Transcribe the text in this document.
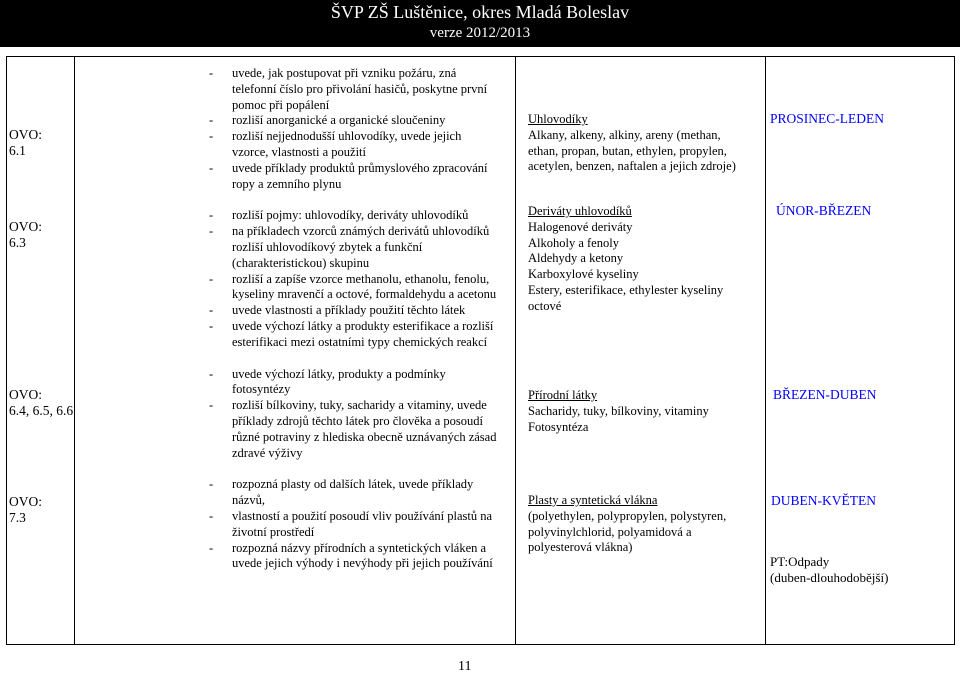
ŠVP ZŠ Luštěnice, okres Mladá Boleslav
verze 2012/2013
OVO:
6.1
OVO:
6.3
OVO:
6.4, 6.5, 6.6
OVO:
7.3
- uvede, jak postupovat při vzniku požáru, zná telefonní číslo pro přivolání hasičů, poskytne první pomoc při popálení
- rozliší anorganické a organické sloučeniny
- rozliší nejjednodušší uhlovodíky, uvede jejich vzorce, vlastnosti a použití
- uvede příklady produktů průmyslového zpracování ropy a zemního plynu
- rozliší pojmy: uhlovodíky, deriváty uhlovodíků
- na příkladech vzorců známých derivátů uhlovodíků rozliší uhlovodíkový zbytek a funkční (charakteristickou) skupinu
- rozliší a zapíše vzorce methanolu, ethanolu, fenolu, kyseliny mravenčí a octové, formaldehydu a acetonu
- uvede vlastnosti a příklady použití těchto látek
- uvede výchozí látky a produkty esterifikace a rozliší esterifikaci mezi ostatními typy chemických reakcí
- uvede výchozí látky, produkty a podmínky fotosyntézy
- rozliší bílkoviny, tuky, sacharidy a vitaminy, uvede příklady zdrojů těchto látek pro člověka a posoudí různé potraviny z hlediska obecně uznávaných zásad zdravé výživy
- rozpozná plasty od dalších látek, uvede příklady názvů,
- vlastností a použití posoudí vliv používání plastů na životní prostředí
- rozpozná názvy přírodních a syntetických vláken a uvede jejich výhody i nevýhody při jejich používání
Uhlovodíky
Alkany, alkeny, alkiny, areny (methan, ethan, propan, butan, ethylen, propylen, acetylen, benzen, naftalen a jejich zdroje)
Deriváty uhlovodíků
Halogenové deriváty
Alkoholy a fenoly
Aldehydy a ketony
Karboxylové kyseliny
Estery, esterifikace, ethylester kyseliny octové
Přírodní látky
Sacharidy, tuky, bílkoviny, vitaminy
Fotosyntéza
Plasty a syntetická vlákna
(polyethylen, polypropylen, polystyren, polyvinylchlorid, polyamidová a polyesterová vlákna)
PROSINEC-LEDEN
ÚNOR-BŘEZEN
BŘEZEN-DUBEN
DUBEN-KVĚTEN
PT:Odpady
(duben-dlouhodobější)
11
